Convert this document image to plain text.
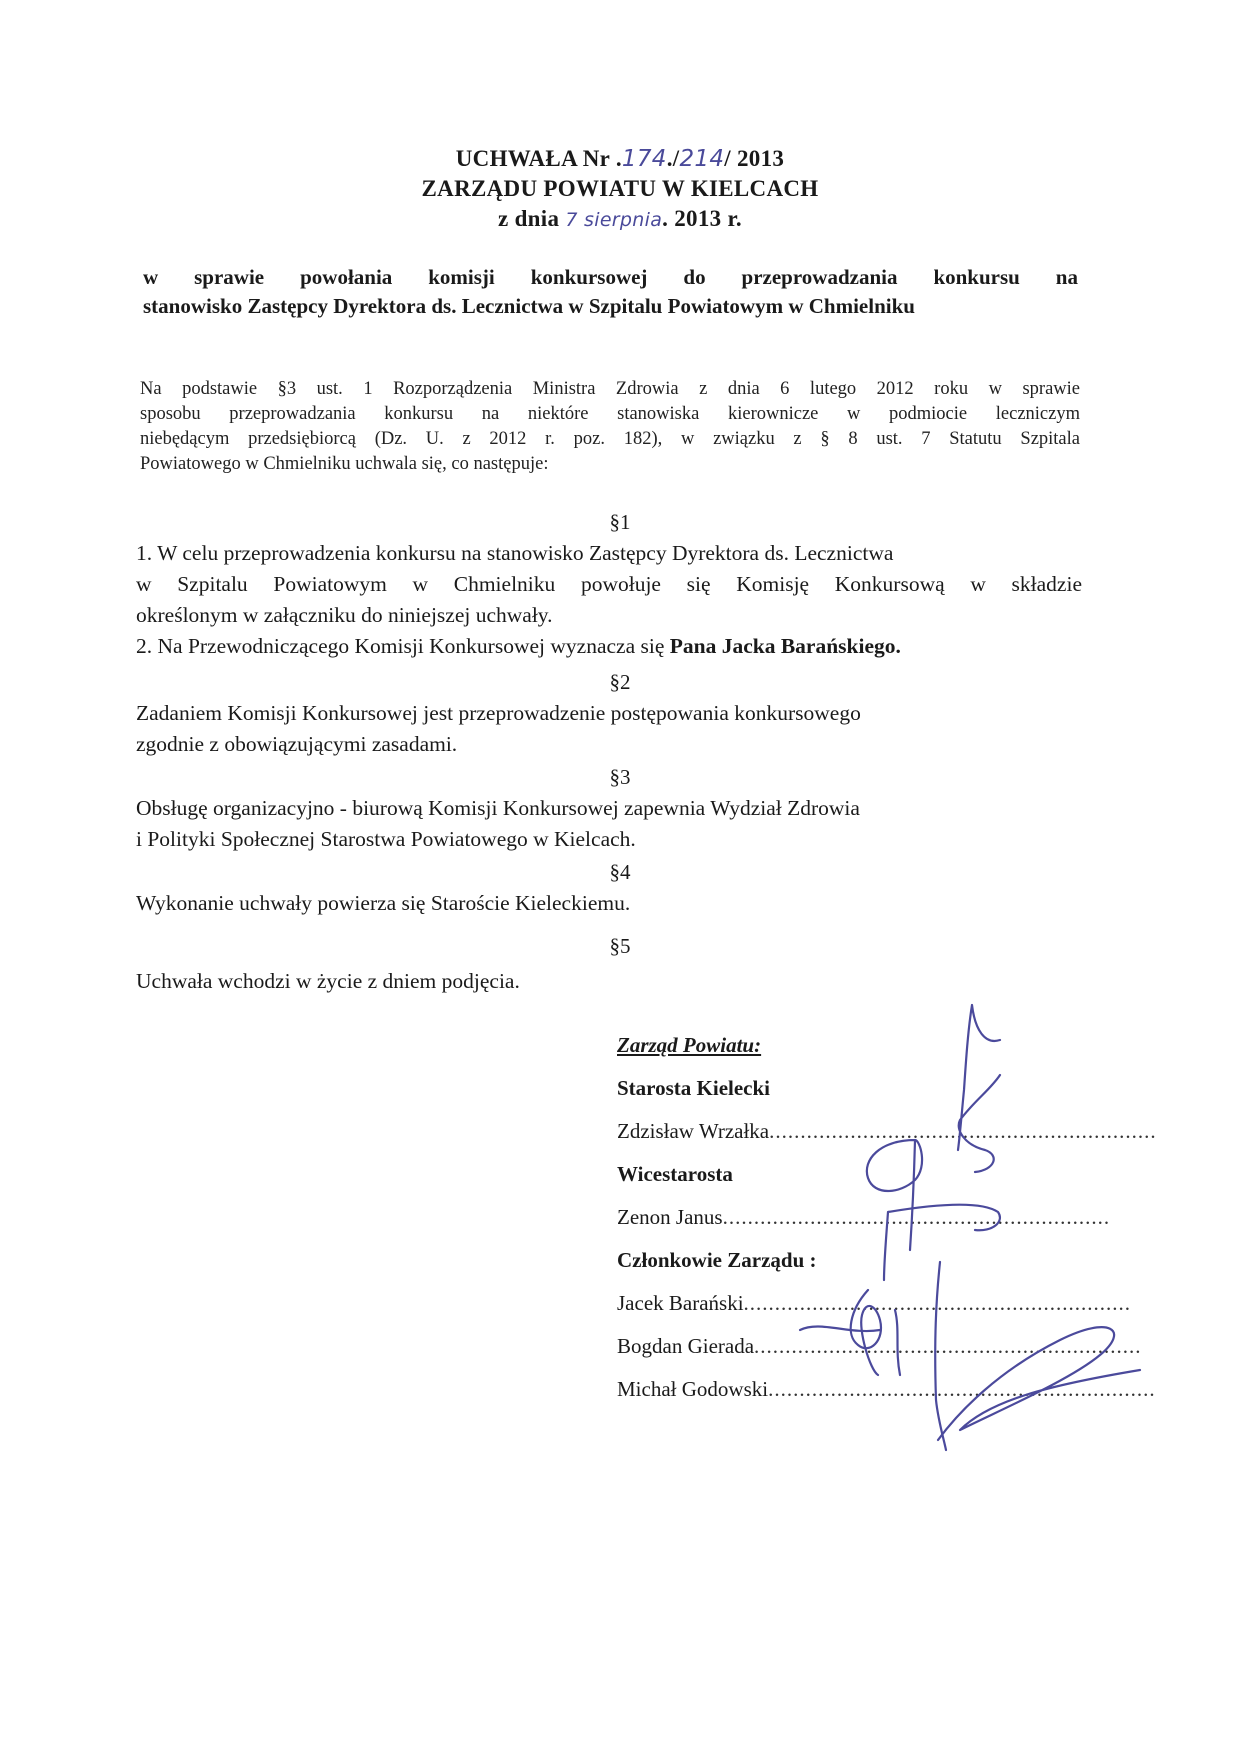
UCHWAŁA Nr .174./214/ 2013
ZARZĄDU POWIATU W KIELCACH
z dnia 7 sierpnia. 2013 r.
w sprawie powołania komisji konkursowej do przeprowadzania konkursu na
stanowisko Zastępcy Dyrektora ds. Lecznictwa w Szpitalu Powiatowym w Chmielniku
Na podstawie §3 ust. 1 Rozporządzenia Ministra Zdrowia z dnia 6 lutego 2012 roku w sprawie
sposobu przeprowadzania konkursu na niektóre stanowiska kierownicze w podmiocie leczniczym
niebędącym przedsiębiorcą (Dz. U. z 2012 r. poz. 182), w związku z § 8 ust. 7 Statutu Szpitala
Powiatowego w Chmielniku uchwala się, co następuje:
§1
1. W celu przeprowadzenia konkursu na stanowisko Zastępcy Dyrektora ds. Lecznictwa
w Szpitalu Powiatowym w Chmielniku powołuje się Komisję Konkursową w składzie
określonym w załączniku do niniejszej uchwały.
2. Na Przewodniczącego Komisji Konkursowej wyznacza się Pana Jacka Barańskiego.
§2
Zadaniem Komisji Konkursowej jest przeprowadzenie postępowania konkursowego
zgodnie z obowiązującymi zasadami.
§3
Obsługę organizacyjno - biurową Komisji Konkursowej zapewnia Wydział Zdrowia
i Polityki Społecznej Starostwa Powiatowego w Kielcach.
§4
Wykonanie uchwały powierza się Staroście Kieleckiemu.
§5
Uchwała wchodzi w życie z dniem podjęcia.
Zarząd Powiatu:
Starosta Kielecki
Zdzisław Wrzałka ..............................................................
Wicestarosta
Zenon Janus ..............................................................
Członkowie Zarządu :
Jacek Barański ..............................................................
Bogdan Gierada ..............................................................
Michał Godowski ..............................................................
